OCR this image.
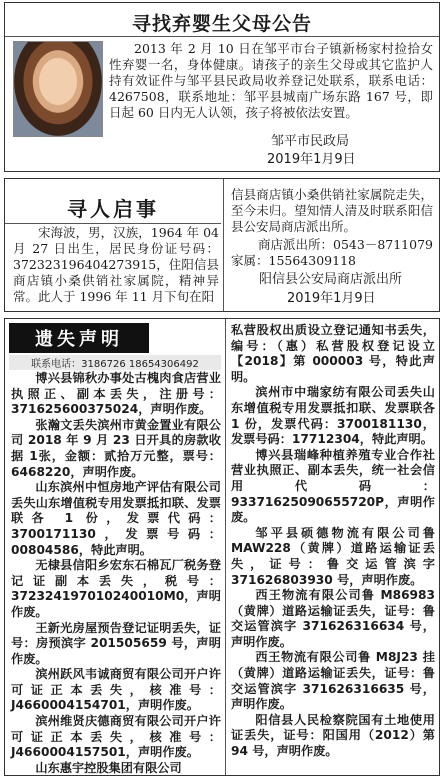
寻找弃婴生父母公告
2013 年 2 月 10 日在邹平市台子镇新杨家村捡拾女性弃婴一名，身体健康。请孩子的亲生父母或其它监护人持有效证件与邹平县民政局收养登记处联系，联系电话：4267508，联系地址：邹平县城南广场东路 167 号，即日起 60 日内无人认领，孩子将被依法安置。
邹平市民政局
2019年1月9日
寻人启事
宋海波，男，汉族，1964 年 04 月 27 日出生，居民身份证号码：372323196404273915，住阳信县商店镇小桑供销社家属院，精神异常。此人于 1996 年 11 月下旬在阳
信县商店镇小桑供销社家属院走失，至今未归。望知情人清及时联系阳信县公安局商店派出所。
商店派出所：0543－8711079
家属：15564309118
阳信县公安局商店派出所
2019年1月9日
遗失声明
联系电话：3186726 18654306492

博兴县锦秋办事处古槐肉食店营业执照正、副本丢失，注册号：371625600375024，声明作废。

张瀚文丢失滨州市黄金置业有限公司 2018 年 9 月 23 日开具的房款收据 1张，金额：贰拾万元整，票号：6468220，声明作废。

山东滨州中恒房地产评估有限公司丢失山东增值税专用发票抵扣联、发票联各 1 份，发票代码：3700171130，发票号码：00804586，特此声明。

无棣县信阳乡宏东石棉瓦厂税务登记证副本丢失，税号：372324197010240010M0，声明作废。

王新光房屋预告登记证明丢失，证号：房预滨字 201505659 号，声明作废。

滨州跃风韦诚商贸有限公司开户许可证正本丢失，核准号：J4660004154701，声明作废。

滨州维贤庆德商贸有限公司开户许可证正本丢失，核准号：J4660004157501，声明作废。

山东惠宇控股集团有限公司

私营股权出质设立登记通知书丢失，编号：（惠）私营股权登记设立【2018】第 000003 号，特此声明。

滨州市中瑞家纺有限公司丢失山东增值税专用发票抵扣联、发票联各 1 份，发票代码：3700181130，发票号码：17712304，特此声明。

博兴县瑞峰种植养殖专业合作社营业执照正、副本丢失，统一社会信用代码：93371625090655720P，声明作废。

邹平县硕德物流有限公司鲁MAW228（黄牌）道路运输证丢失，证号：鲁交运管滨字 371626803930 号，声明作废。

西王物流有限公司鲁 M86983（黄牌）道路运输证丢失，证号：鲁交运管滨字 371626316634 号，声明作废。

西王物流有限公司鲁 M8J23 挂（黄牌）道路运输证丢失，证号：鲁交运管滨字 371626316635 号，声明作废。

阳信县人民检察院国有土地使用证丢失，证号：阳国用（2012）第 94 号，声明作废。
